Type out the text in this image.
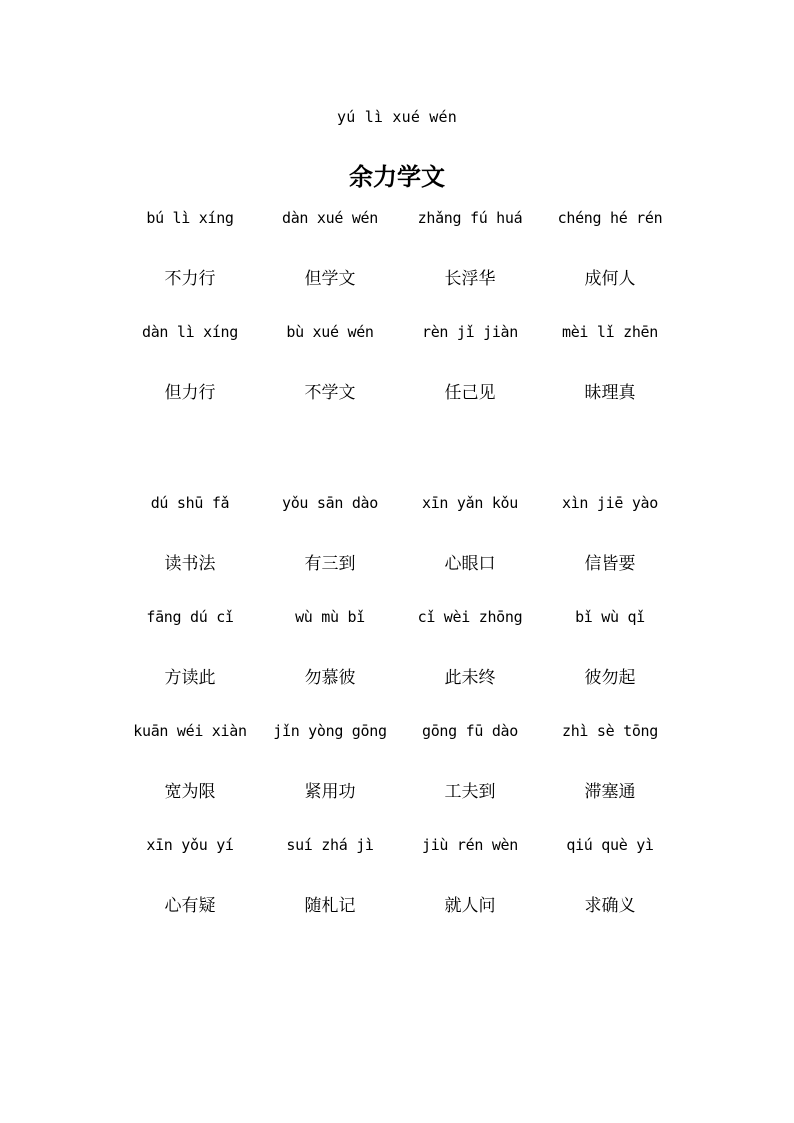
yú lì xué wén
余力学文
bú lì xíng	dàn xué wén	zhǎng fú huá	chéng hé rén
不力行	但学文	长浮华	成何人
dàn lì xíng	bù xué wén	rèn jǐ jiàn	mèi lǐ zhēn
但力行	不学文	任己见	昧理真
dú shū fǎ	yǒu sān dào	xīn yǎn kǒu	xìn jiē yào
读书法	有三到	心眼口	信皆要
fāng dú cǐ	wù mù bǐ	cǐ wèi zhōng	bǐ wù qǐ
方读此	勿慕彼	此未终	彼勿起
kuān wéi xiàn	jǐn yòng gōng	gōng fū dào	zhì sè tōng
宽为限	紧用功	工夫到	滞塞通
xīn yǒu yí	suí zhá jì	jiù rén wèn	qiú què yì
心有疑	随札记	就人问	求确义
